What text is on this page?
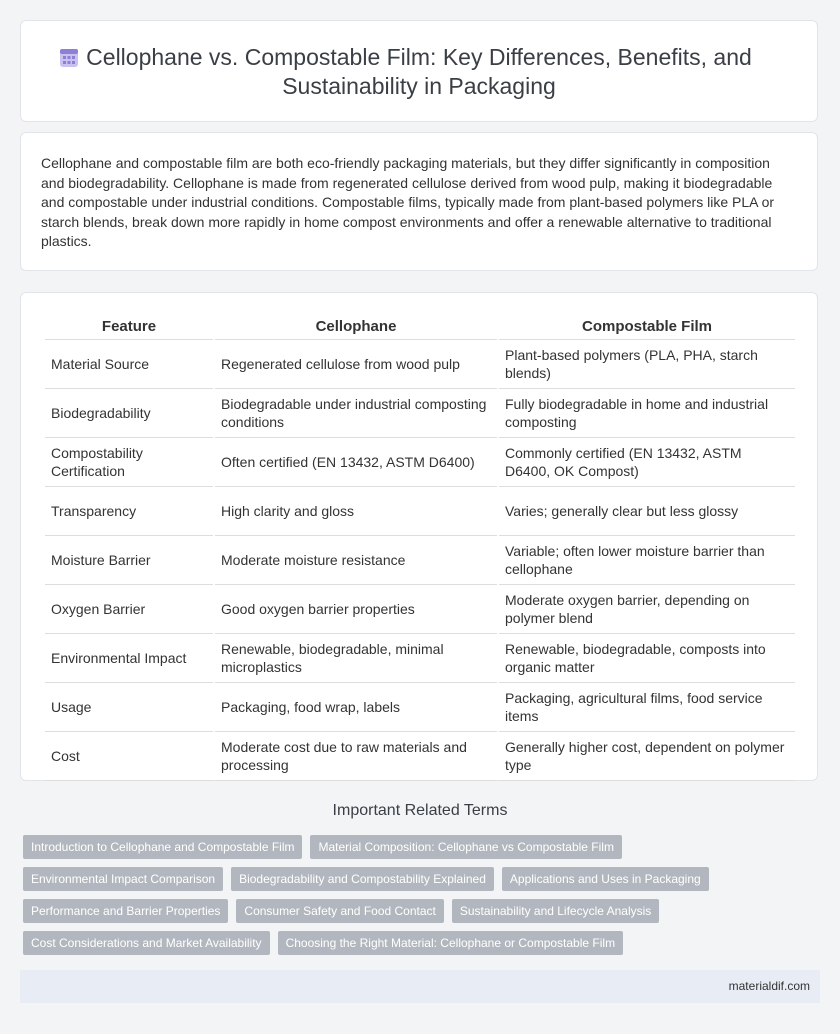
Cellophane vs. Compostable Film: Key Differences, Benefits, and Sustainability in Packaging

Cellophane and compostable film are both eco-friendly packaging materials, but they differ significantly in composition and biodegradability. Cellophane is made from regenerated cellulose derived from wood pulp, making it biodegradable and compostable under industrial conditions. Compostable films, typically made from plant-based polymers like PLA or starch blends, break down more rapidly in home compost environments and offer a renewable alternative to traditional plastics.

Feature	Cellophane	Compostable Film
Material Source	Regenerated cellulose from wood pulp	Plant-based polymers (PLA, PHA, starch blends)
Biodegradability	Biodegradable under industrial composting conditions	Fully biodegradable in home and industrial composting
Compostability Certification	Often certified (EN 13432, ASTM D6400)	Commonly certified (EN 13432, ASTM D6400, OK Compost)
Transparency	High clarity and gloss	Varies; generally clear but less glossy
Moisture Barrier	Moderate moisture resistance	Variable; often lower moisture barrier than cellophane
Oxygen Barrier	Good oxygen barrier properties	Moderate oxygen barrier, depending on polymer blend
Environmental Impact	Renewable, biodegradable, minimal microplastics	Renewable, biodegradable, composts into organic matter
Usage	Packaging, food wrap, labels	Packaging, agricultural films, food service items
Cost	Moderate cost due to raw materials and processing	Generally higher cost, dependent on polymer type
Important Related Terms
Introduction to Cellophane and Compostable Film	Material Composition: Cellophane vs Compostable Film
Environmental Impact Comparison	Biodegradability and Compostability Explained	Applications and Uses in Packaging
Performance and Barrier Properties	Consumer Safety and Food Contact	Sustainability and Lifecycle Analysis
Cost Considerations and Market Availability	Choosing the Right Material: Cellophane or Compostable Film
materialdif.com
